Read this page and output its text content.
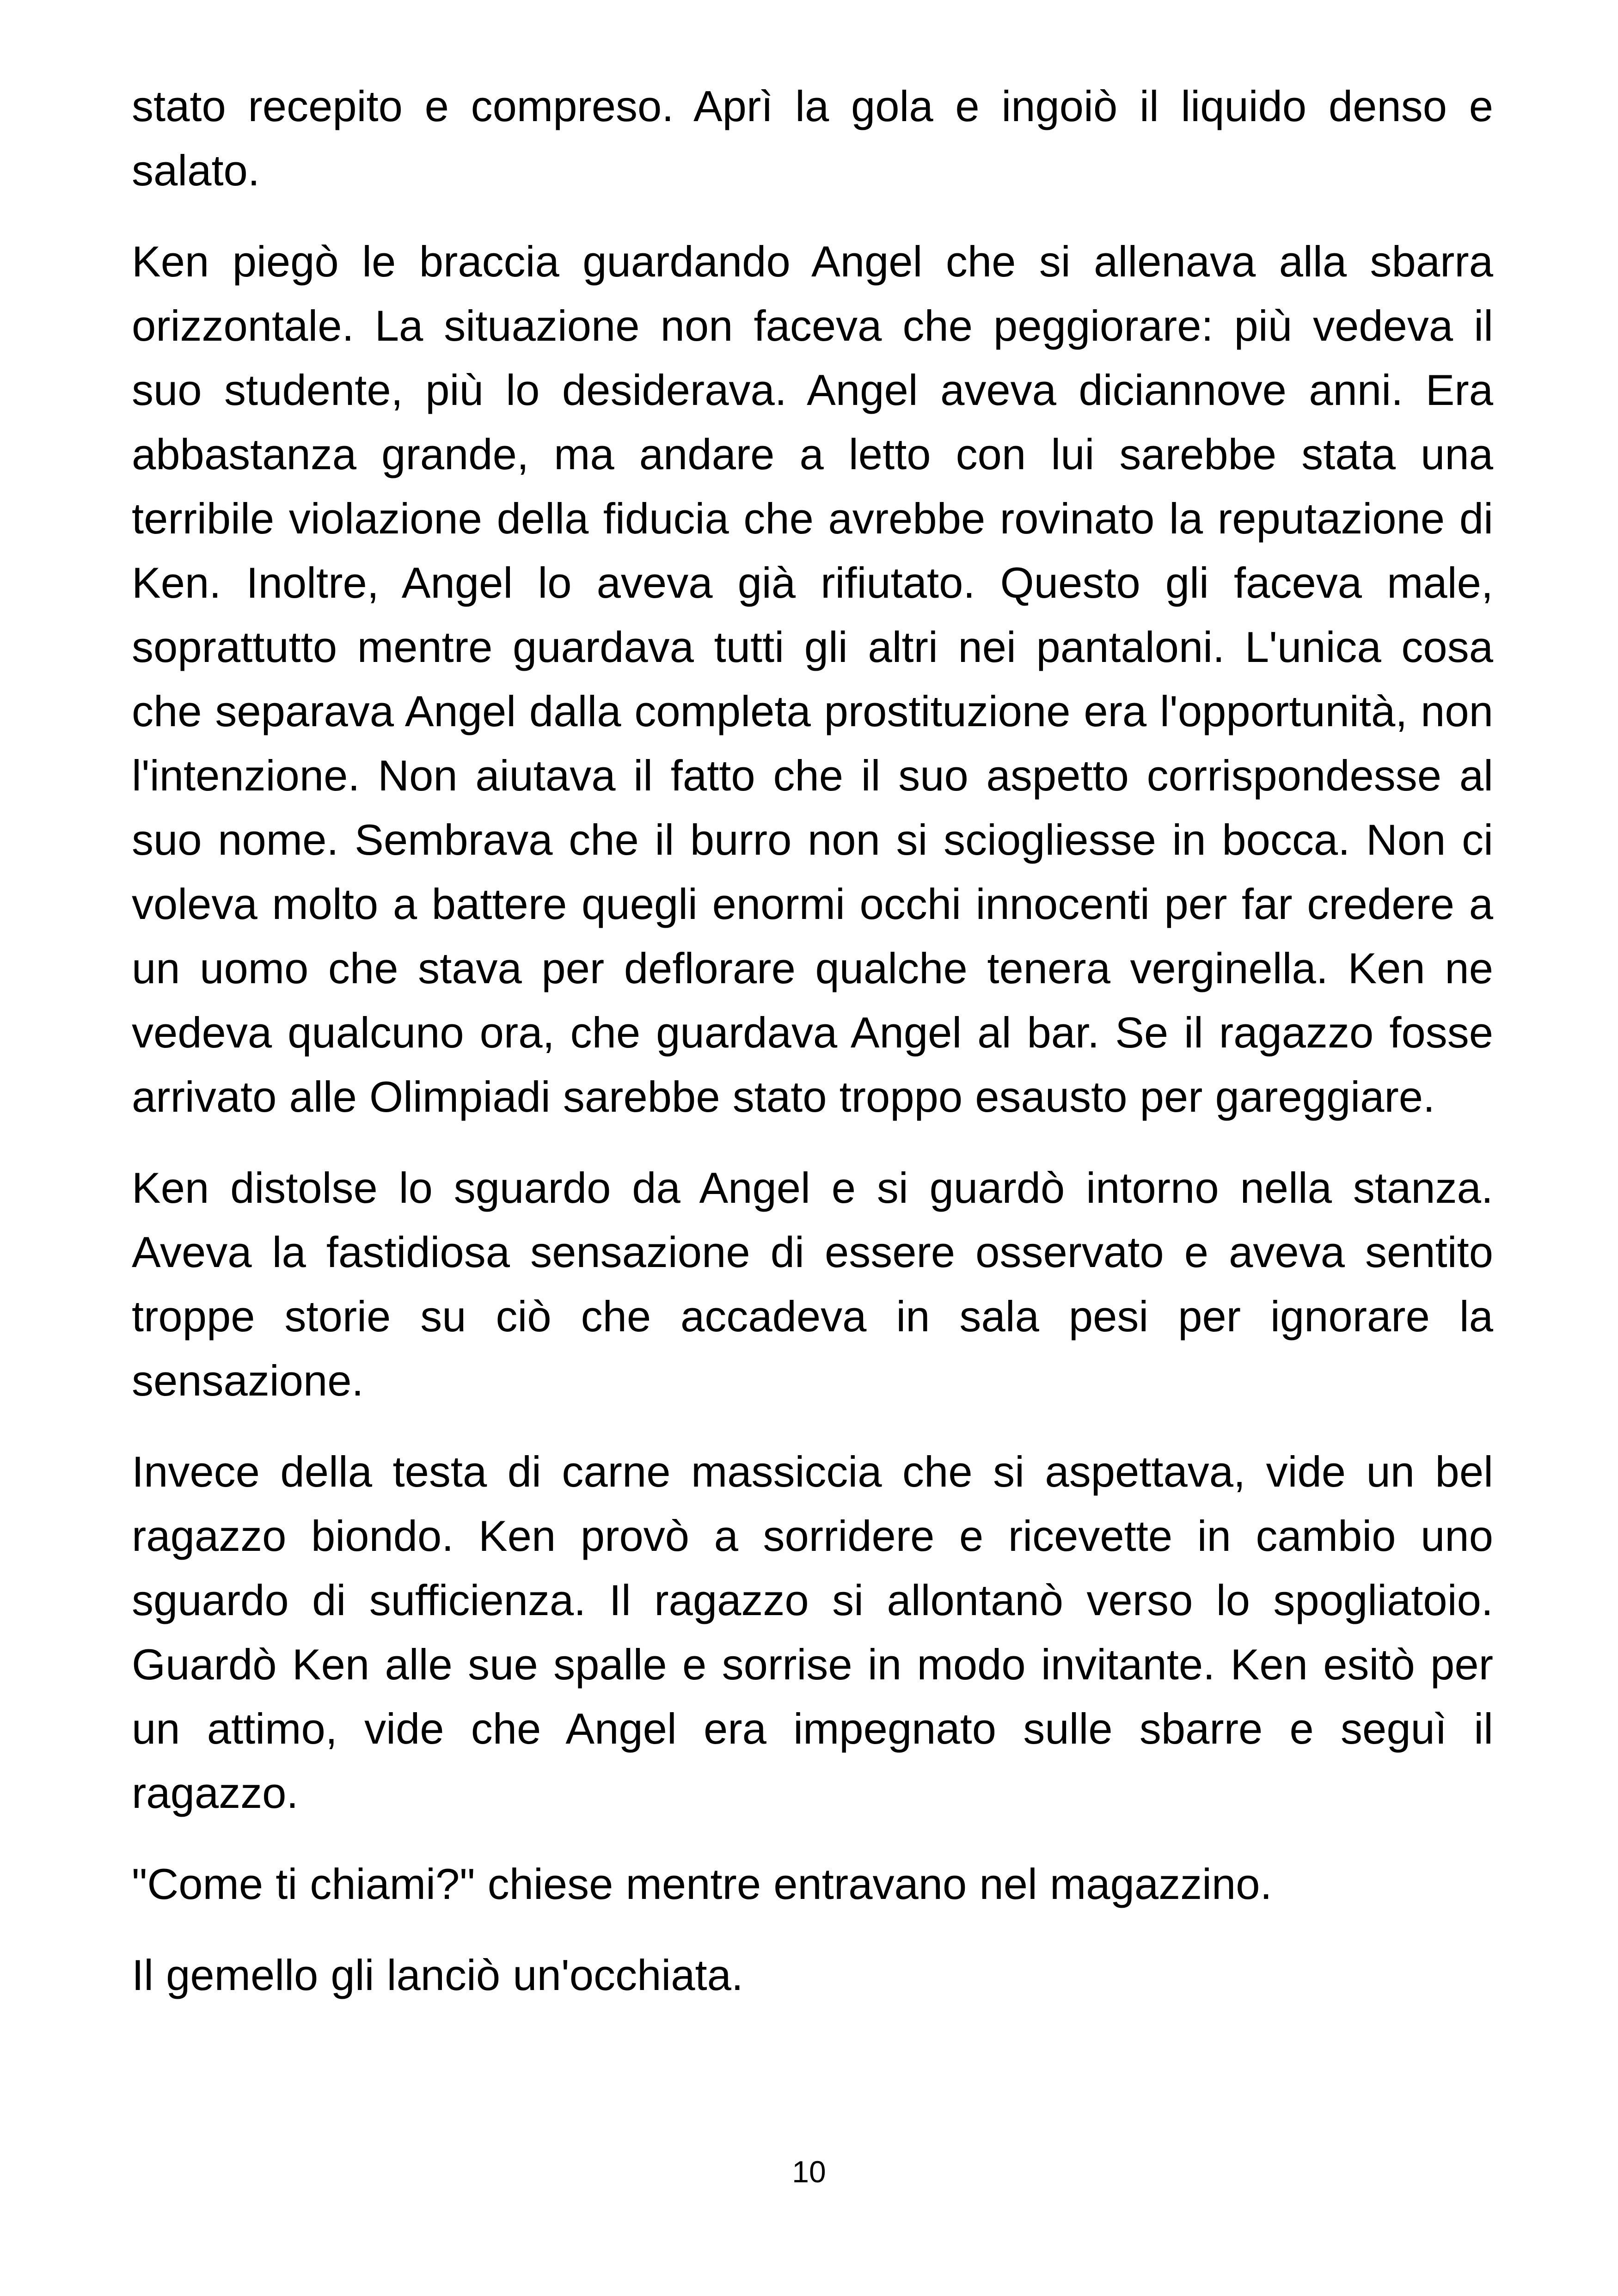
stato recepito e compreso. Aprì la gola e ingoiò il liquido denso e salato.

Ken piegò le braccia guardando Angel che si allenava alla sbarra orizzontale. La situazione non faceva che peggiorare: più vedeva il suo studente, più lo desiderava. Angel aveva diciannove anni. Era abbastanza grande, ma andare a letto con lui sarebbe stata una terribile violazione della fiducia che avrebbe rovinato la reputazione di Ken. Inoltre, Angel lo aveva già rifiutato. Questo gli faceva male, soprattutto mentre guardava tutti gli altri nei pantaloni. L'unica cosa che separava Angel dalla completa prostituzione era l'opportunità, non l'intenzione. Non aiutava il fatto che il suo aspetto corrispondesse al suo nome. Sembrava che il burro non si sciogliesse in bocca. Non ci voleva molto a battere quegli enormi occhi innocenti per far credere a un uomo che stava per deflorare qualche tenera verginella. Ken ne vedeva qualcuno ora, che guardava Angel al bar. Se il ragazzo fosse arrivato alle Olimpiadi sarebbe stato troppo esausto per gareggiare.

Ken distolse lo sguardo da Angel e si guardò intorno nella stanza. Aveva la fastidiosa sensazione di essere osservato e aveva sentito troppe storie su ciò che accadeva in sala pesi per ignorare la sensazione.

Invece della testa di carne massiccia che si aspettava, vide un bel ragazzo biondo. Ken provò a sorridere e ricevette in cambio uno sguardo di sufficienza. Il ragazzo si allontanò verso lo spogliatoio. Guardò Ken alle sue spalle e sorrise in modo invitante. Ken esitò per un attimo, vide che Angel era impegnato sulle sbarre e seguì il ragazzo.

"Come ti chiami?" chiese mentre entravano nel magazzino.

Il gemello gli lanciò un'occhiata.

10
